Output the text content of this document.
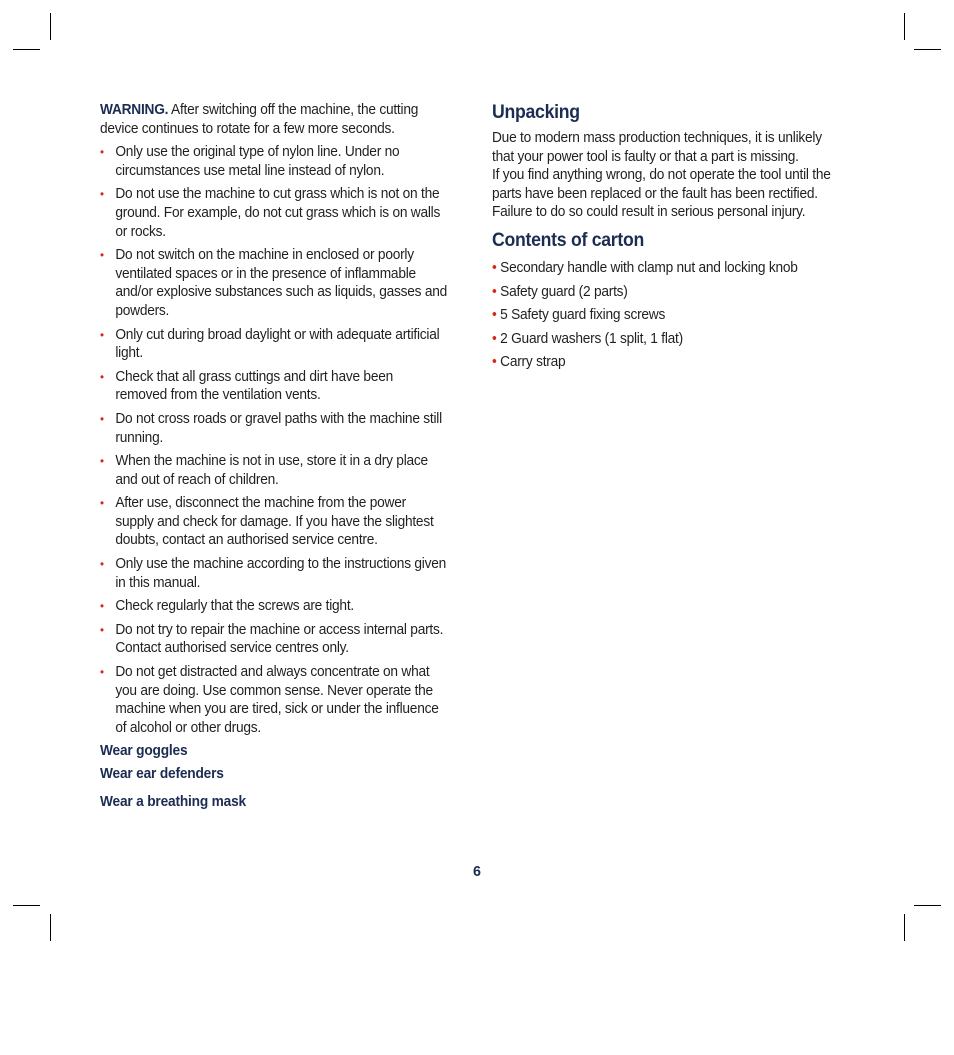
WARNING. After switching off the machine, the cutting device continues to rotate for a few more seconds.
• Only use the original type of nylon line. Under no circumstances use metal line instead of nylon.
• Do not use the machine to cut grass which is not on the ground. For example, do not cut grass which is on walls or rocks.
• Do not switch on the machine in enclosed or poorly ventilated spaces or in the presence of inflammable and/or explosive substances such as liquids, gasses and powders.
• Only cut during broad daylight or with adequate artificial light.
• Check that all grass cuttings and dirt have been removed from the ventilation vents.
• Do not cross roads or gravel paths with the machine still running.
• When the machine is not in use, store it in a dry place and out of reach of children.
• After use, disconnect the machine from the power supply and check for damage. If you have the slightest doubts, contact an authorised service centre.
• Only use the machine according to the instructions given in this manual.
• Check regularly that the screws are tight.
• Do not try to repair the machine or access internal parts. Contact authorised service centres only.
• Do not get distracted and always concentrate on what you are doing. Use common sense. Never operate the machine when you are tired, sick or under the influence of alcohol or other drugs.
Wear goggles
Wear ear defenders
Wear a breathing mask
Unpacking

Due to modern mass production techniques, it is unlikely that your power tool is faulty or that a part is missing.

If you find anything wrong, do not operate the tool until the parts have been replaced or the fault has been rectified. Failure to do so could result in serious personal injury.

Contents of carton
• Secondary handle with clamp nut and locking knob
• Safety guard (2 parts)
• 5 Safety guard fixing screws
• 2 Guard washers (1 split, 1 flat)
• Carry strap
6
